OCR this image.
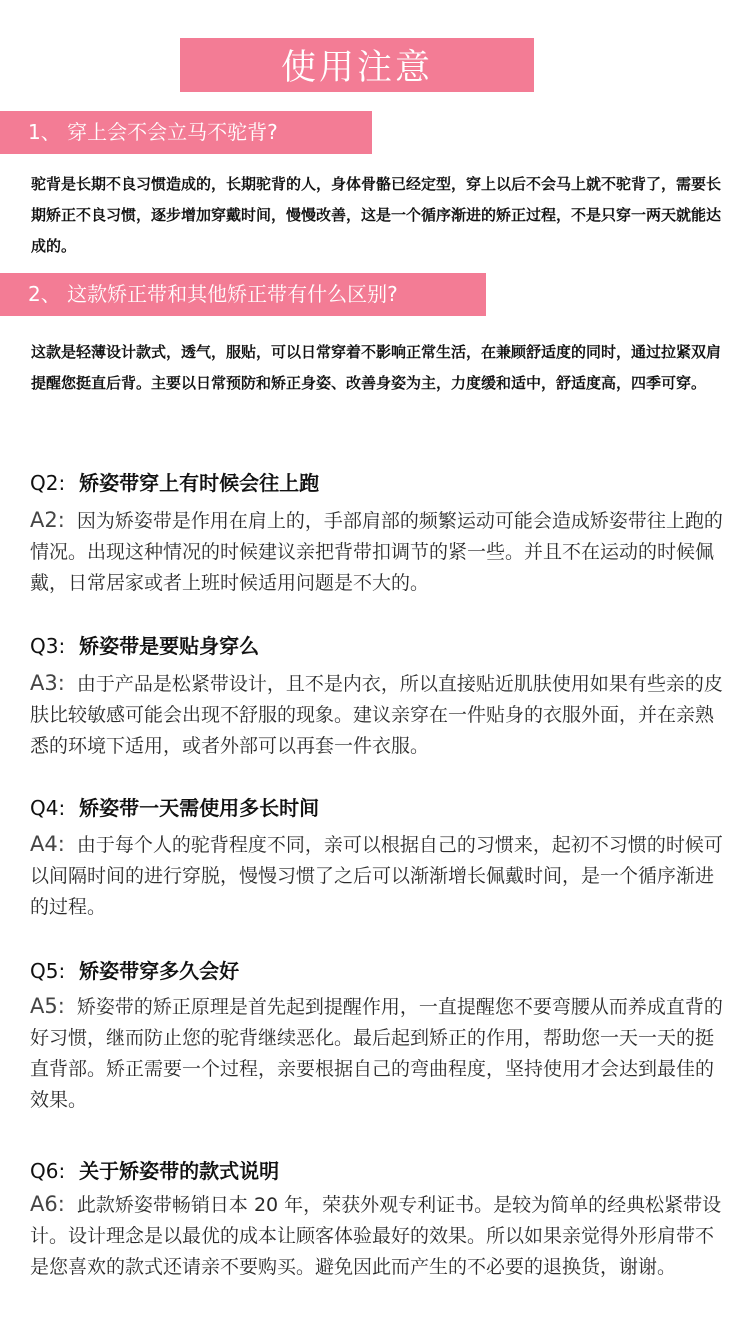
使用注意
1、 穿上会不会立马不驼背?
驼背是长期不良习惯造成的，长期驼背的人，身体骨骼已经定型，穿上以后不会马上就不驼背了，需要长期矫正不良习惯，逐步增加穿戴时间，慢慢改善，这是一个循序渐进的矫正过程，不是只穿一两天就能达成的。
2、 这款矫正带和其他矫正带有什么区别?
这款是轻薄设计款式，透气，服贴，可以日常穿着不影响正常生活，在兼顾舒适度的同时，通过拉紧双肩提醒您挺直后背。主要以日常预防和矫正身姿、改善身姿为主，力度缓和适中，舒适度高，四季可穿。
Q2: 矫姿带穿上有时候会往上跑
A2: 因为矫姿带是作用在肩上的，手部肩部的频繁运动可能会造成矫姿带往上跑的情况。出现这种情况的时候建议亲把背带扣调节的紧一些。并且不在运动的时候佩戴，日常居家或者上班时候适用问题是不大的。
Q3: 矫姿带是要贴身穿么
A3: 由于产品是松紧带设计，且不是内衣，所以直接贴近肌肤使用如果有些亲的皮肤比较敏感可能会出现不舒服的现象。建议亲穿在一件贴身的衣服外面，并在亲熟悉的环境下适用，或者外部可以再套一件衣服。
Q4: 矫姿带一天需使用多长时间
A4: 由于每个人的驼背程度不同，亲可以根据自己的习惯来，起初不习惯的时候可以间隔时间的进行穿脱，慢慢习惯了之后可以渐渐增长佩戴时间，是一个循序渐进的过程。
Q5: 矫姿带穿多久会好
A5: 矫姿带的矫正原理是首先起到提醒作用，一直提醒您不要弯腰从而养成直背的好习惯，继而防止您的驼背继续恶化。最后起到矫正的作用，帮助您一天一天的挺直背部。矫正需要一个过程，亲要根据自己的弯曲程度，坚持使用才会达到最佳的效果。
Q6: 关于矫姿带的款式说明
A6: 此款矫姿带畅销日本 20 年，荣获外观专利证书。是较为简单的经典松紧带设计。设计理念是以最优的成本让顾客体验最好的效果。所以如果亲觉得外形肩带不是您喜欢的款式还请亲不要购买。避免因此而产生的不必要的退换货，谢谢。
